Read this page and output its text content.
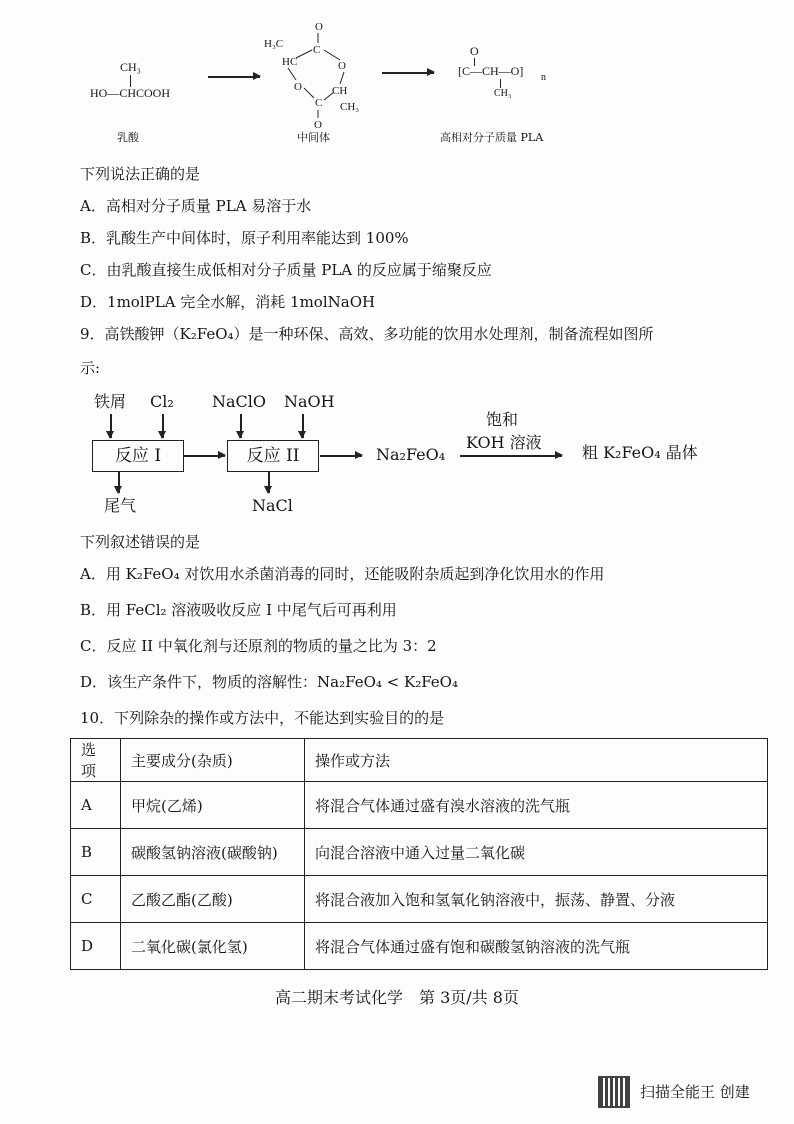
CH₃
HO—CHCOOH
乳酸
O
H₃C	C
HC	O
O	CH
C CH₃
O
中间体
O
[C—CH—O] n
CH₃
高相对分子质量 PLA
下列说法正确的是
A．高相对分子质量 PLA 易溶于水
B．乳酸生产中间体时，原子利用率能达到 100%
C．由乳酸直接生成低相对分子质量 PLA 的反应属于缩聚反应
D．1molPLA 完全水解，消耗 1molNaOH
9．高铁酸钾（K₂FeO₄）是一种环保、高效、多功能的饮用水处理剂，制备流程如图所
示:
铁屑 Cl₂ NaClO NaOH
反应 I	反应 II
尾气	NaCl
Na₂FeO₄
饱和
KOH 溶液
粗 K₂FeO₄ 晶体
下列叙述错误的是
A．用 K₂FeO₄ 对饮用水杀菌消毒的同时，还能吸附杂质起到净化饮用水的作用
B．用 FeCl₂ 溶液吸收反应 I 中尾气后可再利用
C．反应 II 中氧化剂与还原剂的物质的量之比为 3：2
D．该生产条件下，物质的溶解性：Na₂FeO₄ < K₂FeO₄
10．下列除杂的操作或方法中，不能达到实验目的的是
选项	主要成分(杂质)	操作或方法
A	甲烷(乙烯)	将混合气体通过盛有溴水溶液的洗气瓶
B	碳酸氢钠溶液(碳酸钠)	向混合溶液中通入过量二氧化碳
C	乙酸乙酯(乙酸)	将混合液加入饱和氢氧化钠溶液中，振荡、静置、分液
D	二氧化碳(氯化氢)	将混合气体通过盛有饱和碳酸氢钠溶液的洗气瓶
高二期末考试化学　第 3页/共 8页
扫描全能王 创建
